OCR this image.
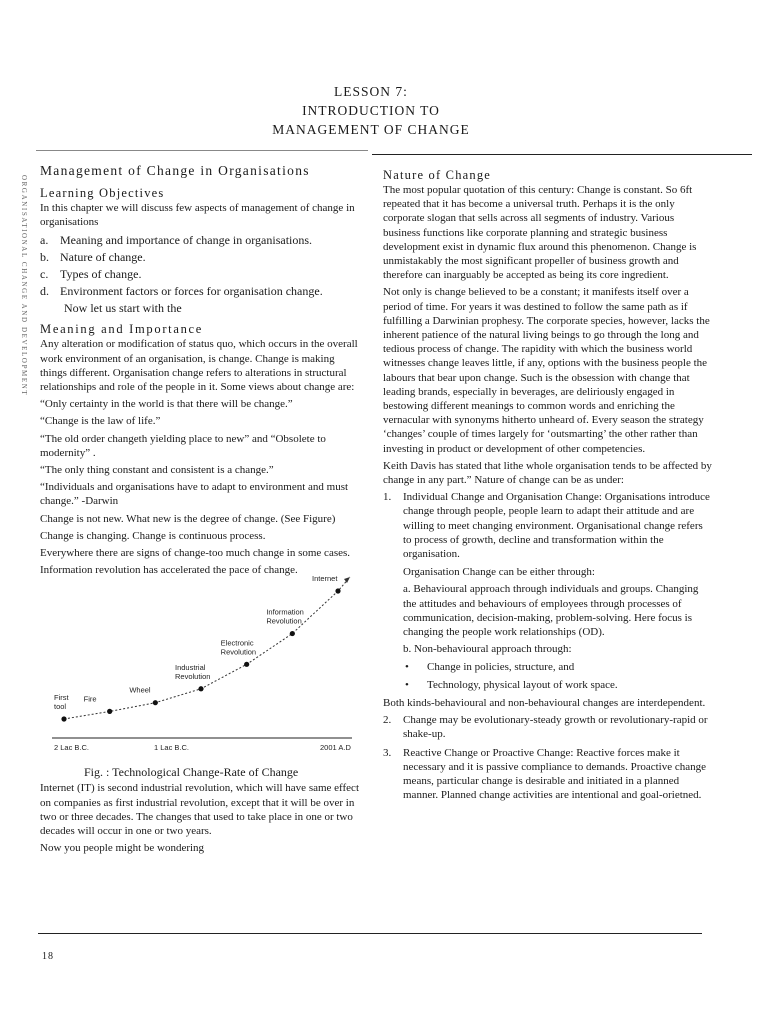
LESSON 7:
INTRODUCTION TO
MANAGEMENT OF CHANGE
ORGANISATIONAL CHANGE AND DEVELOPMENT
Management of Change in Organisations
Learning Objectives

In this chapter we will discuss few aspects of management of change in organisations

a. Meaning and importance of change in organisations.
b. Nature of change.
c. Types of change.
d. Environment factors or forces for organisation change.
Now let us start with the
Meaning and Importance

Any alteration or modification of status quo, which occurs in the overall work environment of an organisation, is change. Change is making things different. Organisation change refers to alterations in structural relationships and role of the people in it. Some views about change are:

“Only certainty in the world is that there will be change.”

“Change is the law of life.”

“The old order changeth yielding place to new” and “Obsolete to modernity” .

“The only thing constant and consistent is a change.”

“Individuals and organisations have to adapt to environment and must change.” -Darwin

Change is not new. What new is the degree of change. (See Figure)

Change is changing. Change is continuous process.

Everywhere there are signs of change-too much change in some cases.

Information revolution has accelerated the pace of change.

First
tool
Fire
Wheel
Industrial
Revolution
Electronic
Revolution
Information
Revolution
Internet
2 Lac B.C.	1 Lac B.C.	2001 A.D
Fig. : Technological Change-Rate of Change

Internet (IT) is second industrial revolution, which will have same effect on companies as first industrial revolution, except that it will be over in two or three decades. The changes that used to take place in one or two decades will occur in one or two years.

Now you people might be wondering

Nature of Change

The most popular quotation of this century: Change is constant. So 6ft repeated that it has become a universal truth. Perhaps it is the only corporate slogan that sells across all segments of industry. Various business functions like corporate planning and strategic business development exist in dynamic flux around this phenomenon. Change is unmistakably the most significant propeller of business growth and therefore can inarguably be accepted as being its core ingredient.

Not only is change believed to be a constant; it manifests itself over a period of time. For years it was destined to follow the same path as if fulfilling a Darwinian prophesy. The corporate species, however, lacks the inherent patience of the natural living beings to go through the long and tedious process of change. The rapidity with which the business world witnesses change leaves little, if any, options with the business people the labours that bear upon change. Such is the obsession with change that leading brands, especially in beverages, are deliriously engaged in bestowing different meanings to common words and enriching the vernacular with synonyms hitherto unheard of. Every season the strategy ‘changes’ couple of times largely for ‘outsmarting’ the other rather than investing in product or development of other competencies.

Keith Davis has stated that lithe whole organisation tends to be affected by change in any part.” Nature of change can be as under:

1.	Individual Change and Organisation Change: Organisations introduce change through people, people learn to adapt their attitude and are willing to meet changing environment. Organisational change refers to process of growth, decline and transformation within the organisation.

Organisation Change can be either through:

a. Behavioural approach through individuals and groups. Changing the attitudes and behaviours of employees through processes of communication, decision-making, problem-solving. Here focus is changing the people work relationships (OD).

b. Non-behavioural approach through:

•	Change in policies, structure, and
•	Technology, physical layout of work space.

Both kinds-behavioural and non-behavioural changes are interdependent.

2.	Change may be evolutionary-steady growth or revolutionary-rapid or shake-up.
3.	Reactive Change or Proactive Change: Reactive forces make it necessary and it is passive compliance to demands. Proactive change means, particular change is desirable and initiated in a planned manner. Planned change activities are intentional and goal-orietned.
18
